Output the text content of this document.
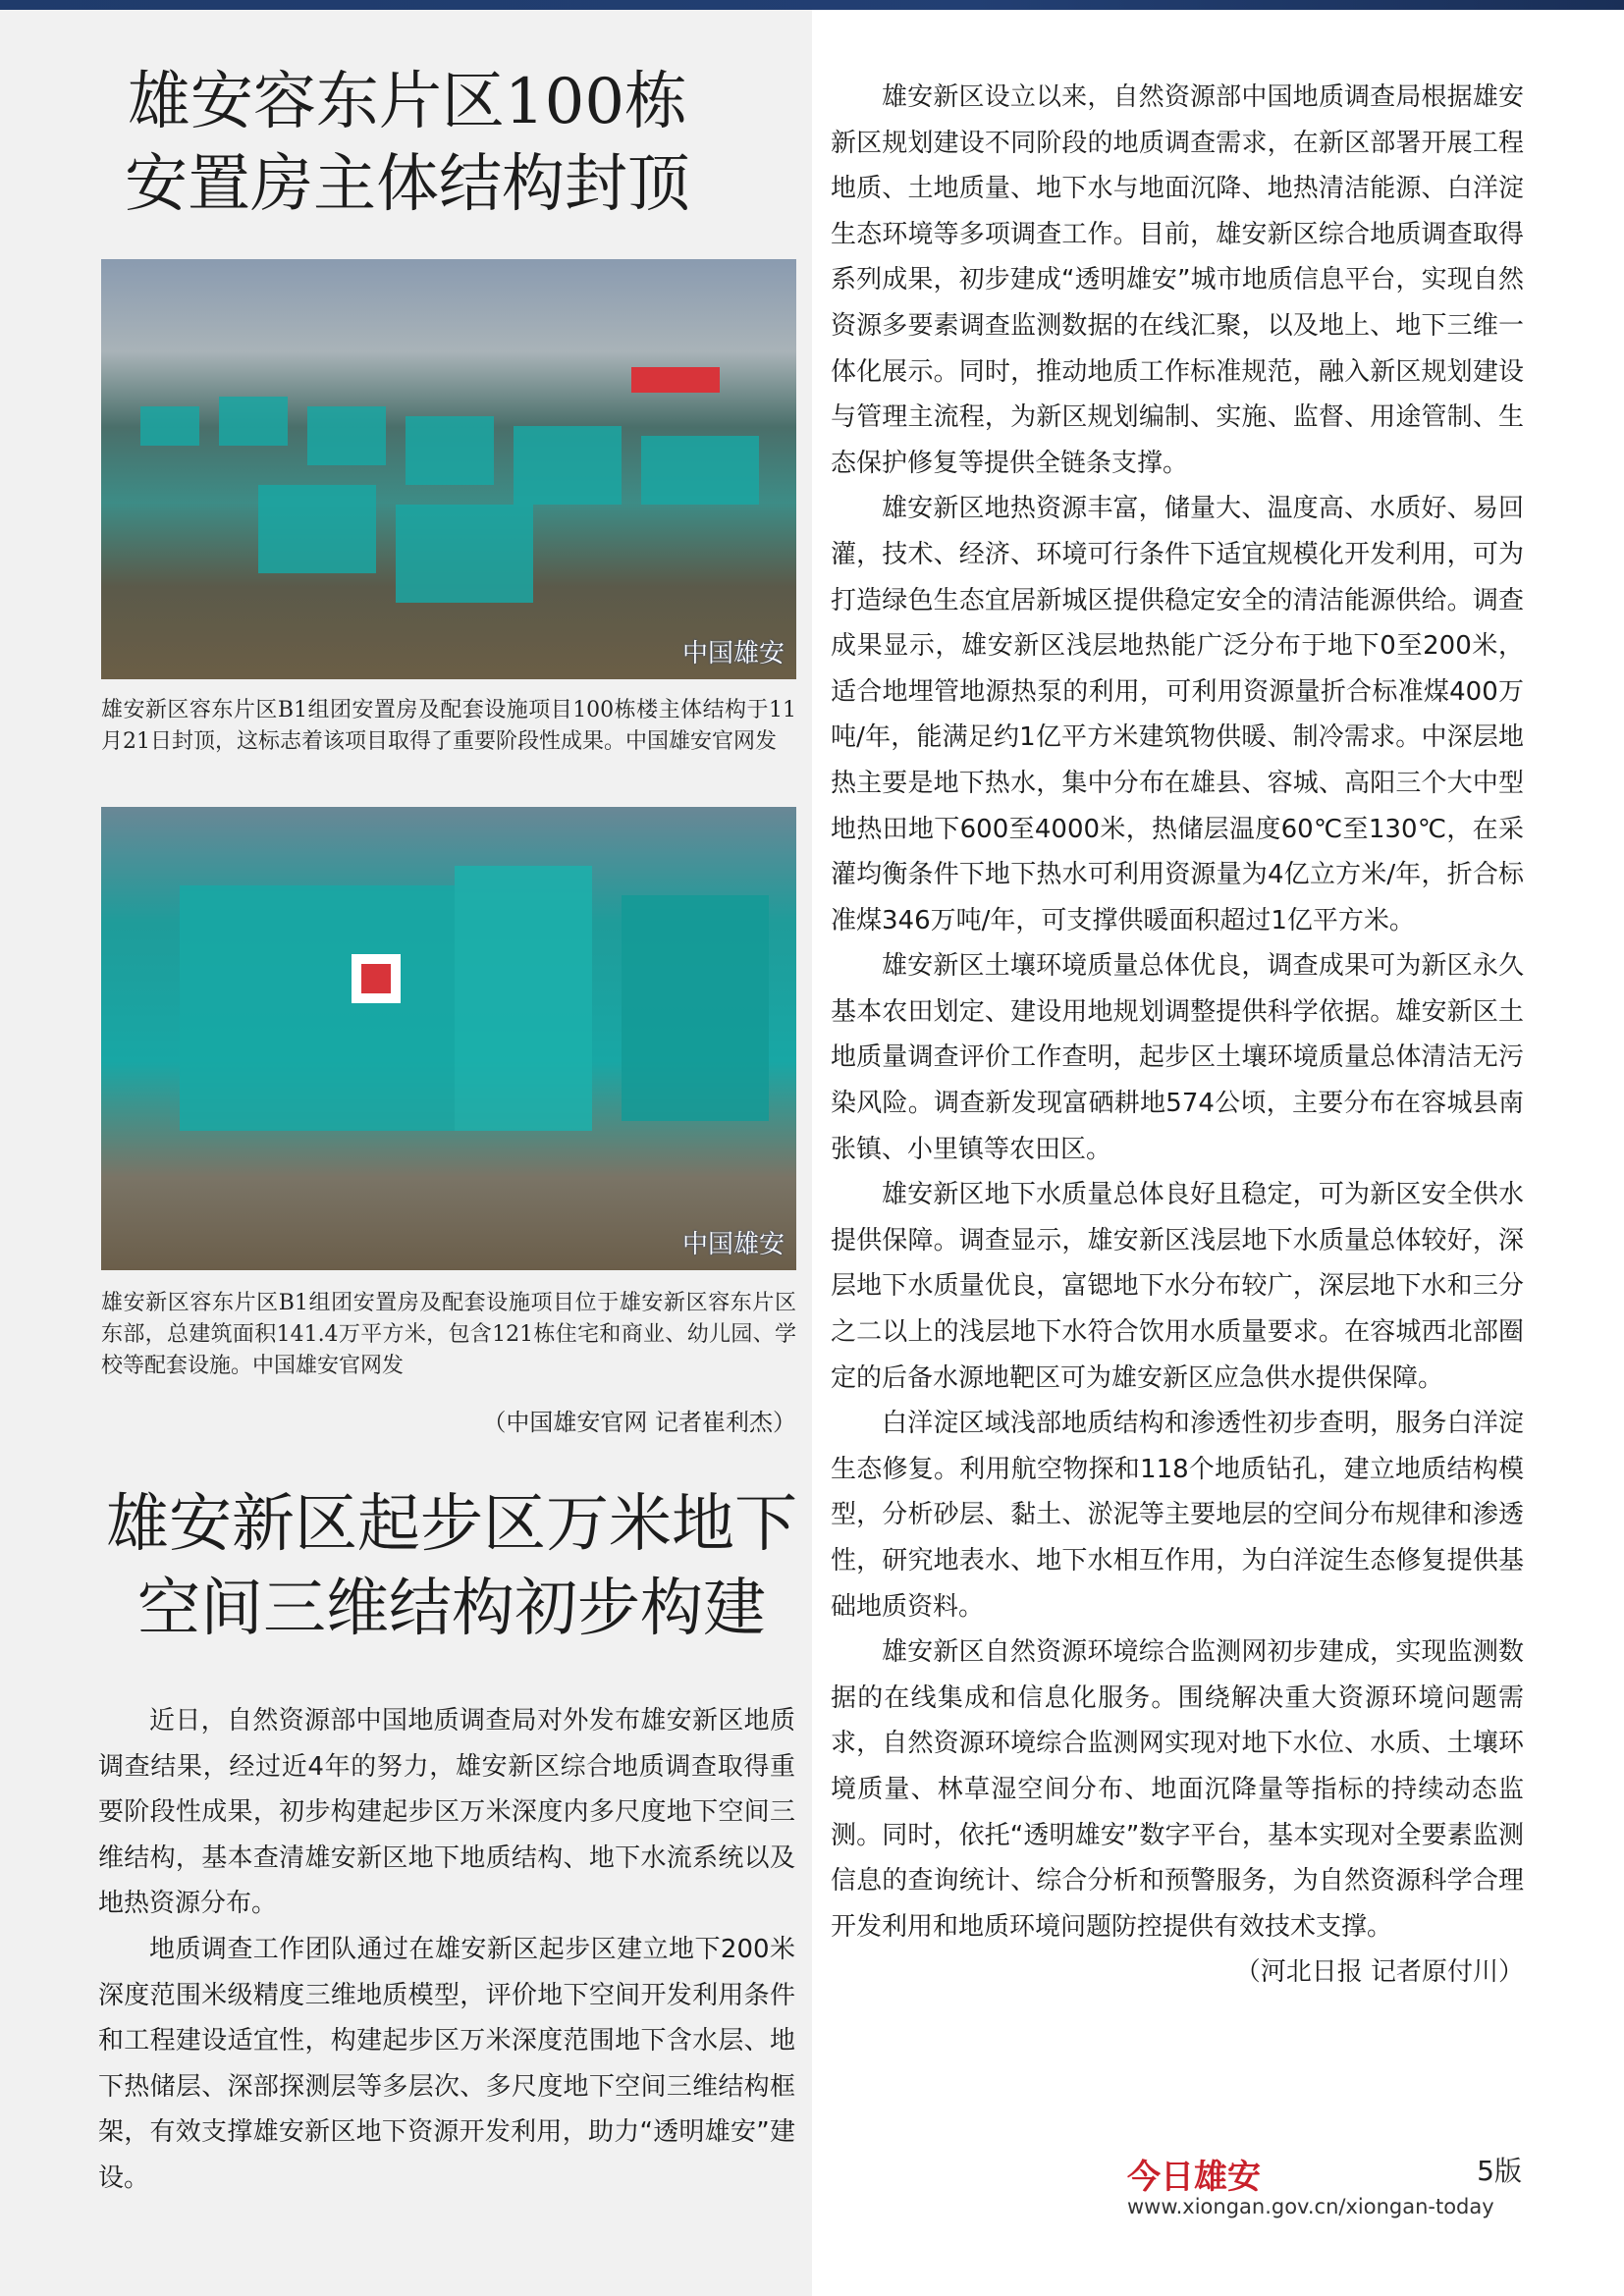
雄安容东片区100栋
安置房主体结构封顶
中国雄安

雄安新区容东片区B1组团安置房及配套设施项目100栋楼主体结构于11月21日封顶，这标志着该项目取得了重要阶段性成果。中国雄安官网发

中国雄安

雄安新区容东片区B1组团安置房及配套设施项目位于雄安新区容东片区东部，总建筑面积141.4万平方米，包含121栋住宅和商业、幼儿园、学校等配套设施。中国雄安官网发

（中国雄安官网 记者崔利杰）

雄安新区起步区万米地下
空间三维结构初步构建

近日，自然资源部中国地质调查局对外发布雄安新区地质调查结果，经过近4年的努力，雄安新区综合地质调查取得重要阶段性成果，初步构建起步区万米深度内多尺度地下空间三维结构，基本查清雄安新区地下地质结构、地下水流系统以及地热资源分布。

地质调查工作团队通过在雄安新区起步区建立地下200米深度范围米级精度三维地质模型，评价地下空间开发利用条件和工程建设适宜性，构建起步区万米深度范围地下含水层、地下热储层、深部探测层等多层次、多尺度地下空间三维结构框架，有效支撑雄安新区地下资源开发利用，助力“透明雄安”建设。

雄安新区设立以来，自然资源部中国地质调查局根据雄安新区规划建设不同阶段的地质调查需求，在新区部署开展工程地质、土地质量、地下水与地面沉降、地热清洁能源、白洋淀生态环境等多项调查工作。目前，雄安新区综合地质调查取得系列成果，初步建成“透明雄安”城市地质信息平台，实现自然资源多要素调查监测数据的在线汇聚，以及地上、地下三维一体化展示。同时，推动地质工作标准规范，融入新区规划建设与管理主流程，为新区规划编制、实施、监督、用途管制、生态保护修复等提供全链条支撑。

雄安新区地热资源丰富，储量大、温度高、水质好、易回灌，技术、经济、环境可行条件下适宜规模化开发利用，可为打造绿色生态宜居新城区提供稳定安全的清洁能源供给。调查成果显示，雄安新区浅层地热能广泛分布于地下0至200米，适合地埋管地源热泵的利用，可利用资源量折合标准煤400万吨/年，能满足约1亿平方米建筑物供暖、制冷需求。中深层地热主要是地下热水，集中分布在雄县、容城、高阳三个大中型地热田地下600至4000米，热储层温度60℃至130℃，在采灌均衡条件下地下热水可利用资源量为4亿立方米/年，折合标准煤346万吨/年，可支撑供暖面积超过1亿平方米。

雄安新区土壤环境质量总体优良，调查成果可为新区永久基本农田划定、建设用地规划调整提供科学依据。雄安新区土地质量调查评价工作查明，起步区土壤环境质量总体清洁无污染风险。调查新发现富硒耕地574公顷，主要分布在容城县南张镇、小里镇等农田区。

雄安新区地下水质量总体良好且稳定，可为新区安全供水提供保障。调查显示，雄安新区浅层地下水质量总体较好，深层地下水质量优良，富锶地下水分布较广，深层地下水和三分之二以上的浅层地下水符合饮用水质量要求。在容城西北部圈定的后备水源地靶区可为雄安新区应急供水提供保障。

白洋淀区域浅部地质结构和渗透性初步查明，服务白洋淀生态修复。利用航空物探和118个地质钻孔，建立地质结构模型，分析砂层、黏土、淤泥等主要地层的空间分布规律和渗透性，研究地表水、地下水相互作用，为白洋淀生态修复提供基础地质资料。

雄安新区自然资源环境综合监测网初步建成，实现监测数据的在线集成和信息化服务。围绕解决重大资源环境问题需求，自然资源环境综合监测网实现对地下水位、水质、土壤环境质量、林草湿空间分布、地面沉降量等指标的持续动态监测。同时，依托“透明雄安”数字平台，基本实现对全要素监测信息的查询统计、综合分析和预警服务，为自然资源科学合理开发利用和地质环境问题防控提供有效技术支撑。

（河北日报 记者原付川）

今日雄安	5版

www.xiongan.gov.cn/xiongan-today
